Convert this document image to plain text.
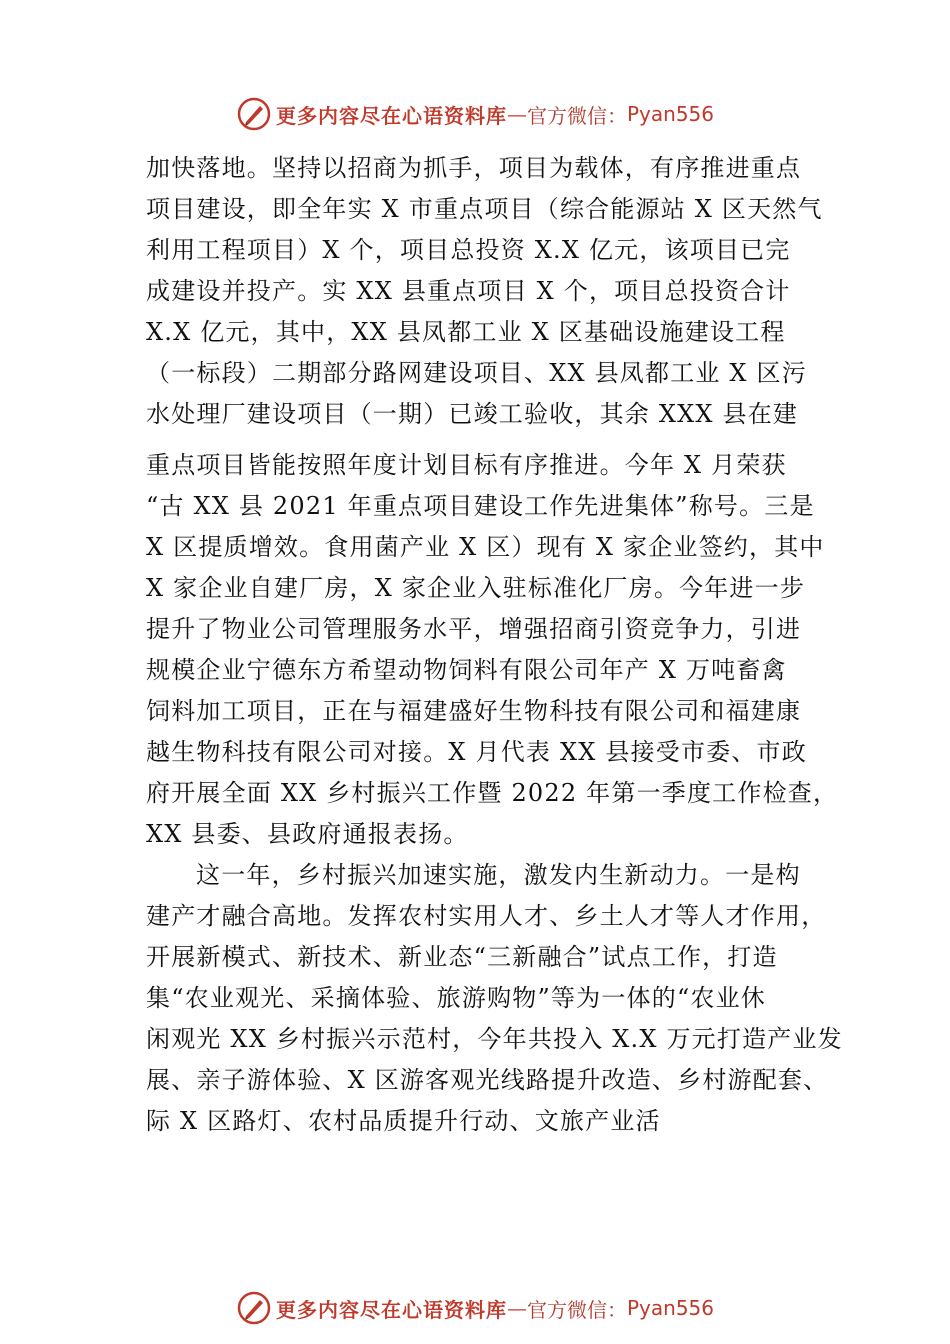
更多内容尽在心语资料库 — 官方微信： Pyan556
加快落地。坚持以招商为抓手，项目为载体，有序推进重点
项目建设，即全年实 X 市重点项目（综合能源站 X 区天然气
利用工程项目）X 个，项目总投资 X.X 亿元，该项目已完
成建设并投产。实 XX 县重点项目 X 个，项目总投资合计
X.X 亿元，其中，XX 县凤都工业 X 区基础设施建设工程
（一标段）二期部分路网建设项目、XX 县凤都工业 X 区污
水处理厂建设项目（一期）已竣工验收，其余 XXX 县在建
重点项目皆能按照年度计划目标有序推进。今年 X 月荣获
“古 XX 县 2021 年重点项目建设工作先进集体”称号。三是
X 区提质增效。食用菌产业 X 区）现有 X 家企业签约，其中
X 家企业自建厂房，X 家企业入驻标准化厂房。今年进一步
提升了物业公司管理服务水平，增强招商引资竞争力，引进
规模企业宁德东方希望动物饲料有限公司年产 X 万吨畜禽
饲料加工项目，正在与福建盛好生物科技有限公司和福建康
越生物科技有限公司对接。X 月代表 XX 县接受市委、市政
府开展全面 XX 乡村振兴工作暨 2022 年第一季度工作检查，
XX 县委、县政府通报表扬。
这一年，乡村振兴加速实施，激发内生新动力。一是构
建产才融合高地。发挥农村实用人才、乡土人才等人才作用，
开展新模式、新技术、新业态“三新融合”试点工作，打造
集“农业观光、采摘体验、旅游购物”等为一体的“农业休
闲观光 XX 乡村振兴示范村，今年共投入 X.X 万元打造产业发
展、亲子游体验、X 区游客观光线路提升改造、乡村游配套、
际 X 区路灯、农村品质提升行动、文旅产业活
更多内容尽在心语资料库 — 官方微信： Pyan556
